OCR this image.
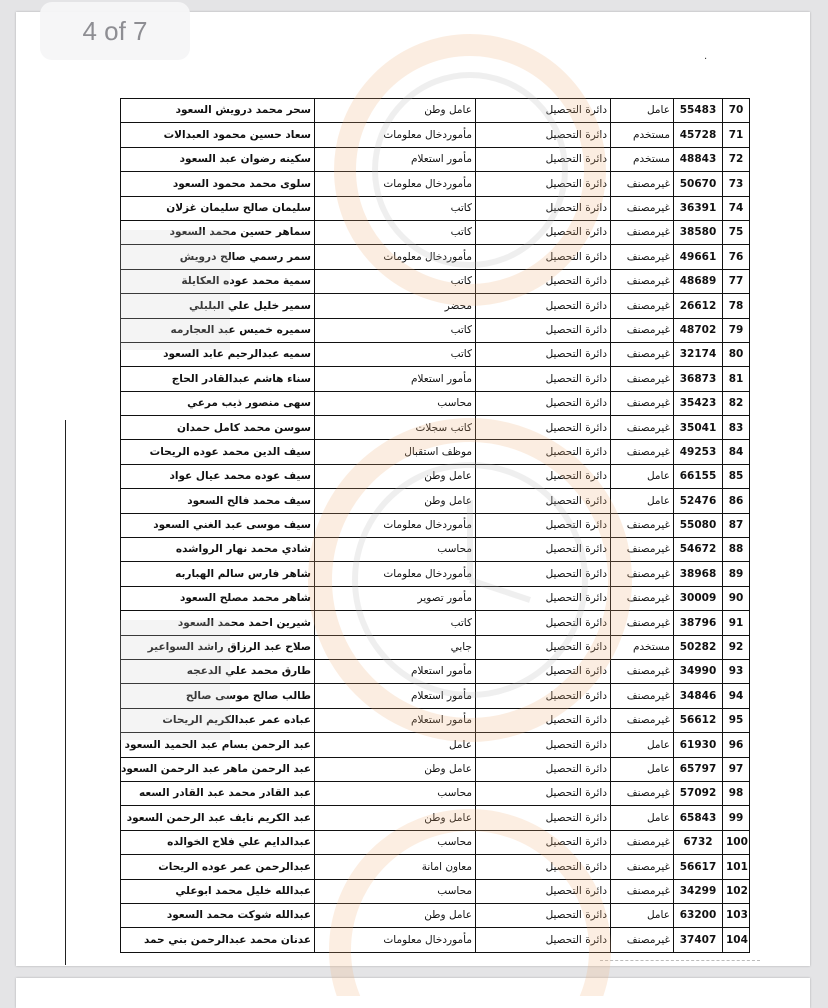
4 of 7
·
سحر محمد درويش السعود	عامل وطن	دائرة التحصيل	عامل	55483	70
سعاد حسين محمود العبدالات	مأموردخال معلومات	دائرة التحصيل	مستخدم	45728	71
سكينه رضوان عبد السعود	مأمور استعلام	دائرة التحصيل	مستخدم	48843	72
سلوى محمد محمود السعود	مأموردخال معلومات	دائرة التحصيل	غيرمصنف	50670	73
سليمان صالح سليمان غزلان	كاتب	دائرة التحصيل	غيرمصنف	36391	74
سماهر حسين محمد السعود	كاتب	دائرة التحصيل	غيرمصنف	38580	75
سمر رسمي صالح درويش	مأموردخال معلومات	دائرة التحصيل	غيرمصنف	49661	76
سمية محمد عوده العكايلة	كاتب	دائرة التحصيل	غيرمصنف	48689	77
سمير خليل علي البلبلي	محضر	دائرة التحصيل	غيرمصنف	26612	78
سميره خميس عبد العجارمه	كاتب	دائرة التحصيل	غيرمصنف	48702	79
سميه عبدالرحيم عابد السعود	كاتب	دائرة التحصيل	غيرمصنف	32174	80
سناء هاشم عبدالقادر الحاج	مأمور استعلام	دائرة التحصيل	غيرمصنف	36873	81
سهى منصور ذيب مرعي	محاسب	دائرة التحصيل	غيرمصنف	35423	82
سوسن محمد كامل حمدان	كاتب سجلات	دائرة التحصيل	غيرمصنف	35041	83
سيف الدين محمد عوده الريحات	موظف استقبال	دائرة التحصيل	غيرمصنف	49253	84
سيف عوده محمد عيال عواد	عامل وطن	دائرة التحصيل	عامل	66155	85
سيف محمد فالح السعود	عامل وطن	دائرة التحصيل	عامل	52476	86
سيف موسى عبد الغني السعود	مأموردخال معلومات	دائرة التحصيل	غيرمصنف	55080	87
شادي محمد نهار الرواشده	محاسب	دائرة التحصيل	غيرمصنف	54672	88
شاهر فارس سالم الهباربه	مأموردخال معلومات	دائرة التحصيل	غيرمصنف	38968	89
شاهر محمد مصلح السعود	مأمور تصوير	دائرة التحصيل	غيرمصنف	30009	90
شيرين احمد محمد السعود	كاتب	دائرة التحصيل	غيرمصنف	38796	91
صلاح عبد الرزاق راشد السواعير	جابي	دائرة التحصيل	مستخدم	50282	92
طارق محمد علي الدعجه	مأمور استعلام	دائرة التحصيل	غيرمصنف	34990	93
طالب صالح موسى صالح	مأمور استعلام	دائرة التحصيل	غيرمصنف	34846	94
عباده عمر عبدالكريم الريحات	مأمور استعلام	دائرة التحصيل	غيرمصنف	56612	95
عبد الرحمن بسام عبد الحميد السعود	عامل	دائرة التحصيل	عامل	61930	96
عبد الرحمن ماهر عبد الرحمن السعود	عامل وطن	دائرة التحصيل	عامل	65797	97
عبد القادر محمد عبد القادر السعه	محاسب	دائرة التحصيل	غيرمصنف	57092	98
عبد الكريم نايف عبد الرحمن السعود	عامل وطن	دائرة التحصيل	عامل	65843	99
عبدالدايم علي فلاح الخوالده	محاسب	دائرة التحصيل	غيرمصنف	6732	100
عبدالرحمن عمر عوده الريحات	معاون امانة	دائرة التحصيل	غيرمصنف	56617	101
عبدالله خليل محمد ابوعلي	محاسب	دائرة التحصيل	غيرمصنف	34299	102
عبدالله شوكت محمد السعود	عامل وطن	دائرة التحصيل	عامل	63200	103
عدنان محمد عبدالرحمن بني حمد	مأموردخال معلومات	دائرة التحصيل	غيرمصنف	37407	104
